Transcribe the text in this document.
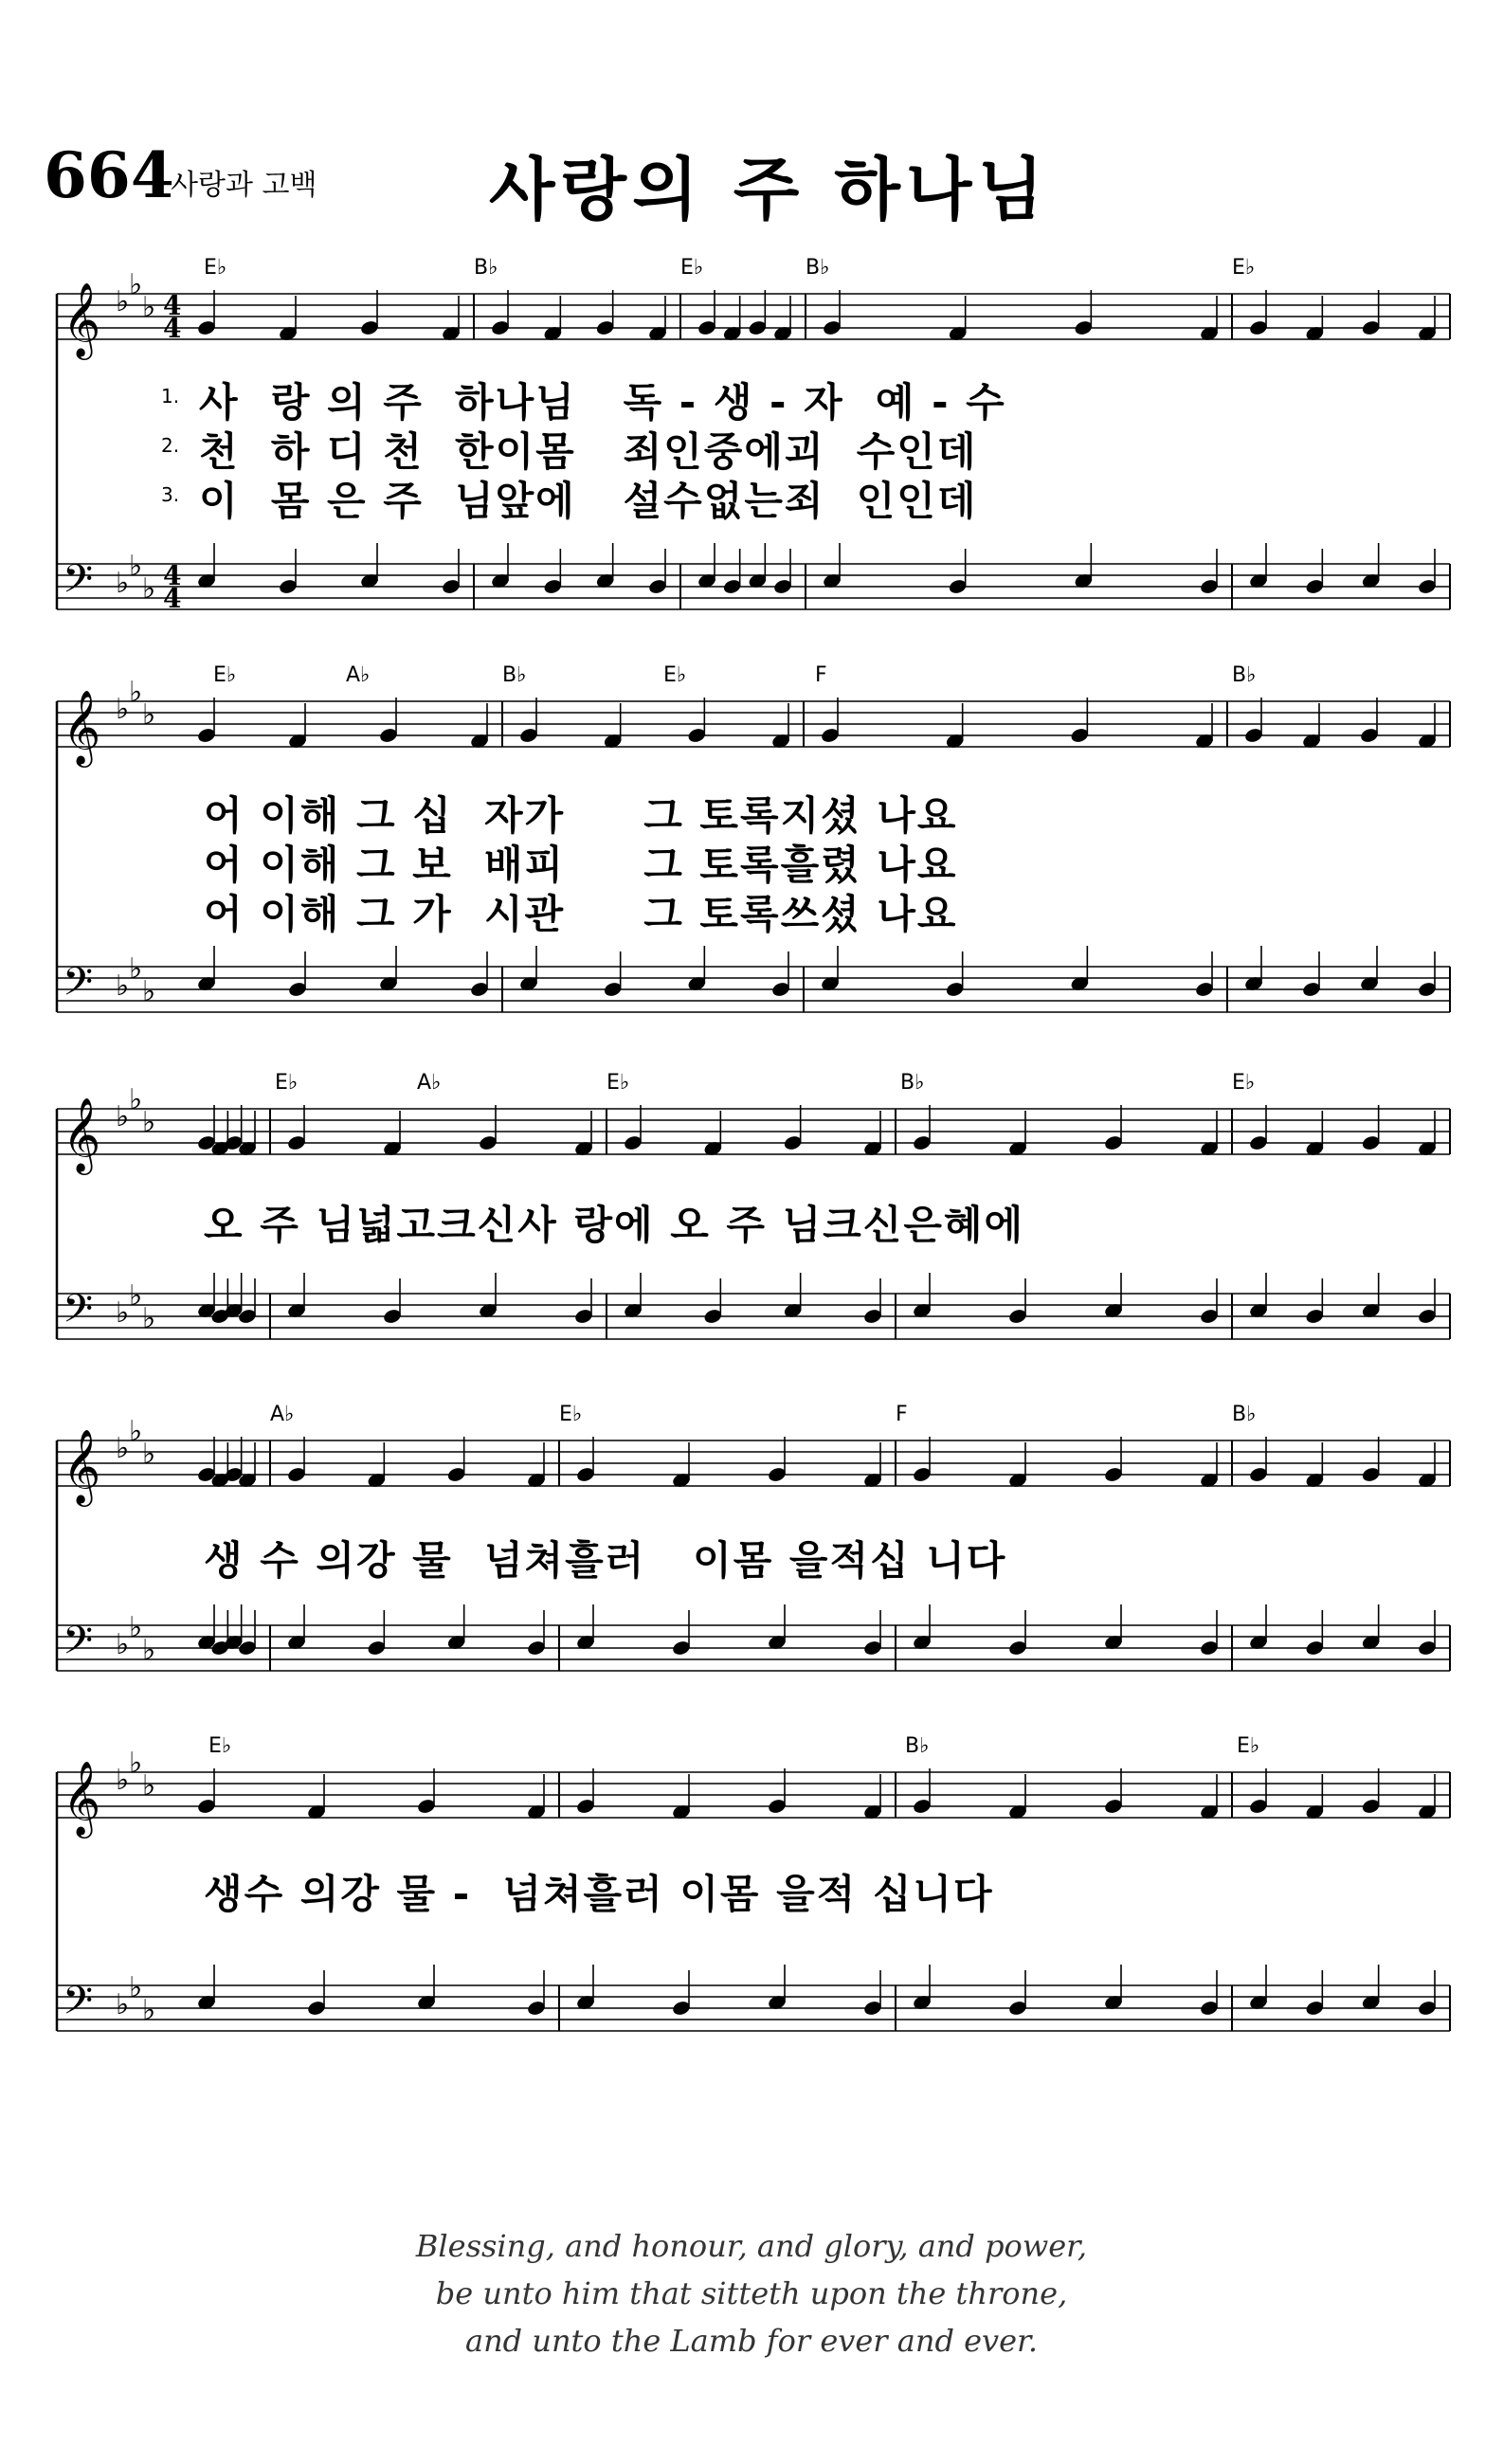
664
사랑과 고백	사랑의 주 하나님
𝄞 ♭
♭
♭ 4
4
𝄢 ♭
♭
♭ 4
4
E♭	B♭	E♭	B♭	E♭
1. 사  랑 의 주  하나님   독 - 생 - 자  예 - 수
2. 천  하 디 천  한이몸   죄인중에괴  수인데
3. 이  몸 은 주  님앞에   설수없는죄  인인데
𝄞 ♭
♭
♭
𝄢 ♭
♭
♭
E♭	A♭	B♭	E♭	F	B♭
어 이해 그 십  자가     그 토록지셨 나요
어 이해 그 보  배피     그 토록흘렸 나요
어 이해 그 가  시관     그 토록쓰셨 나요
𝄞 ♭
♭
♭
𝄢 ♭
♭
♭
E♭	A♭	E♭	B♭	E♭
오 주 님넓고크신사 랑에 오 주 님크신은혜에
𝄞 ♭
♭
♭
𝄢 ♭
♭
♭
A♭	E♭	F	B♭
생 수 의강 물  넘쳐흘러   이몸 을적십 니다
𝄞 ♭
♭
♭
𝄢 ♭
♭
♭
E♭	B♭	E♭
생수 의강 물 -  넘쳐흘러 이몸 을적 십니다
Blessing, and honour, and glory, and power,
be unto him that sitteth upon the throne,
and unto the Lamb for ever and ever.
